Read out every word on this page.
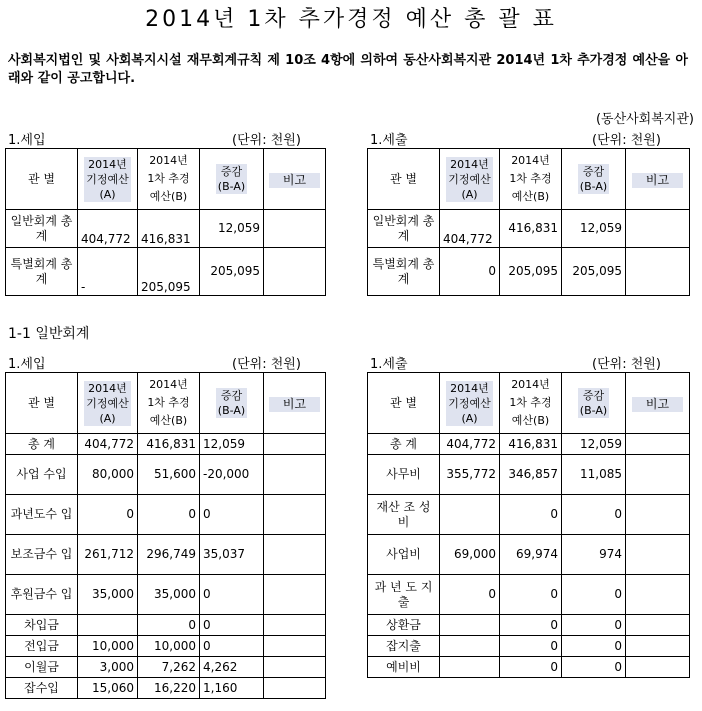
2014년 1차 추가경정 예산 총 괄 표
사회복지법인 및 사회복지시설 재무회계규칙 제 10조 4항에 의하여 동산사회복지관 2014년 1차 추가경정 예산을 아래와 같이 공고합니다.
(동산사회복지관)
1.세입	(단위: 천원)	1.세출	(단위: 천원)
관 별	2014년
기정예산
(A)	2014년
1차 추경
예산(B)	증감
(B-A)	비고
일반회계 총계	404,772	416,831	12,059	
특별회계 총 계	-	205,095	205,095	
관 별	2014년
기정예산
(A)	2014년
1차 추경
예산(B)	증감
(B-A)	비고
일반회계 총계	404,772	416,831	12,059	
특별회계 총 계	0	205,095	205,095	
1-1 일반회계
1.세입	(단위: 천원)	1.세출	(단위: 천원)
관 별	2014년
기정예산
(A)	2014년
1차 추경
예산(B)	증감
(B-A)	비고
총 계	404,772	416,831	12,059	
사업 수입	80,000	51,600	-20,000	
과년도수 입	0	0	0	
보조금수 입	261,712	296,749	35,037	
후원금수 입	35,000	35,000	0	
차입금		0	0	
전입금	10,000	10,000	0	
이월금	3,000	7,262	4,262	
잡수입	15,060	16,220	1,160	
관 별	2014년
기정예산
(A)	2014년
1차 추경
예산(B)	증감
(B-A)	비고
총 계	404,772	416,831	12,059	
사무비	355,772	346,857	11,085	
재산 조 성 비		0	0	
사업비	69,000	69,974	974	
과 년 도 지 출	0	0	0	
상환금		0	0	
잡지출		0	0	
예비비		0	0	
